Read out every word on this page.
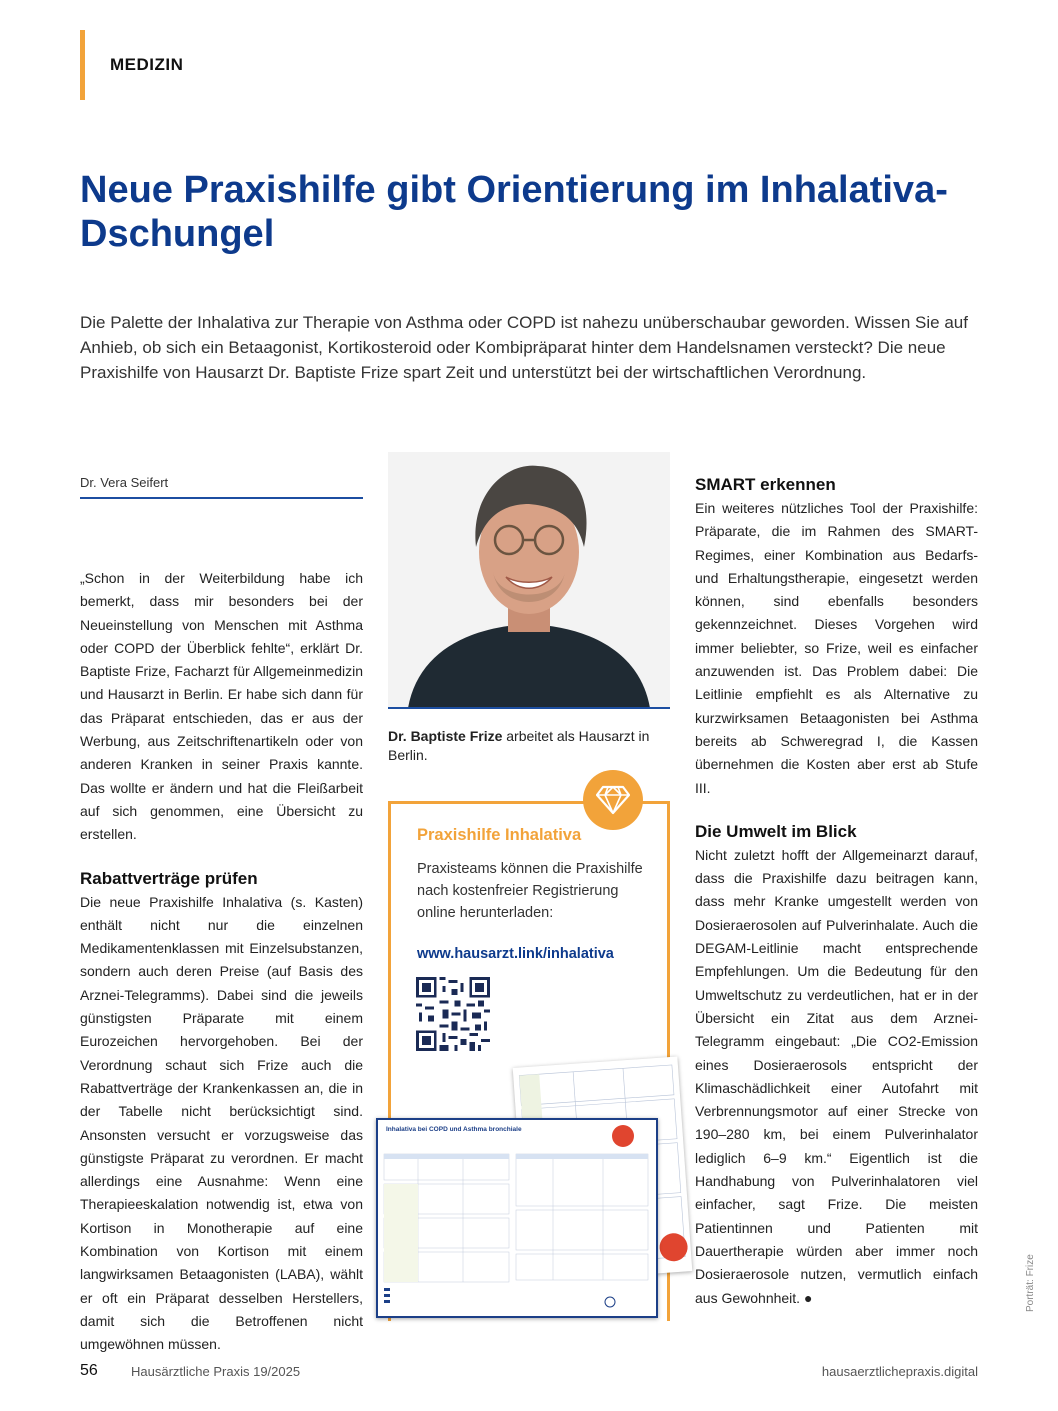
MEDIZIN
Neue Praxishilfe gibt Orientierung im Inhalativa-Dschungel

Die Palette der Inhalativa zur Therapie von Asthma oder COPD ist nahezu unüberschaubar geworden. Wissen Sie auf Anhieb, ob sich ein Betaagonist, Kortikosteroid oder Kombipräparat hinter dem Handelsnamen versteckt? Die neue Praxishilfe von Hausarzt Dr. Baptiste Frize spart Zeit und unterstützt bei der wirtschaftlichen Verordnung.

Dr. Vera Seifert

„Schon in der Weiterbildung habe ich bemerkt, dass mir besonders bei der Neueinstellung von Menschen mit Asthma oder COPD der Überblick fehlte“, erklärt Dr. Baptiste Frize, Facharzt für Allgemeinmedizin und Hausarzt in Berlin. Er habe sich dann für das Präparat entschieden, das er aus der Werbung, aus Zeitschriftenartikeln oder von anderen Kranken in seiner Praxis kannte. Das wollte er ändern und hat die Fleißarbeit auf sich genommen, eine Übersicht zu erstellen.

Rabattverträge prüfen

Die neue Praxishilfe Inhalativa (s. Kasten) enthält nicht nur die einzelnen Medikamentenklassen mit Einzelsubstanzen, sondern auch deren Preise (auf Basis des Arznei-Telegramms). Dabei sind die jeweils günstigsten Präparate mit einem Eurozeichen hervorgehoben. Bei der Verordnung schaut sich Frize auch die Rabattverträge der Krankenkassen an, die in der Tabelle nicht berücksichtigt sind. Ansonsten versucht er vorzugsweise das günstigste Präparat zu verordnen. Er macht allerdings eine Ausnahme: Wenn eine Therapieeskalation notwendig ist, etwa von Kortison in Monotherapie auf eine Kombination von Kortison mit einem langwirksamen Betaagonisten (LABA), wählt er oft ein Präparat desselben Herstellers, damit sich die Betroffenen nicht umgewöhnen müssen.

Dr. Baptiste Frize arbeitet als Hausarzt in Berlin.
Praxishilfe Inhalativa
Praxisteams können die Praxishilfe nach kostenfreier Registrierung online herunterladen:
www.hausarzt.link/inhalativa
Inhalativa bei COPD und Asthma bronchiale
SMART erkennen

Ein weiteres nützliches Tool der Praxishilfe: Präparate, die im Rahmen des SMART-Regimes, einer Kombination aus Bedarfs- und Erhaltungstherapie, eingesetzt werden können, sind ebenfalls besonders gekennzeichnet. Dieses Vorgehen wird immer beliebter, so Frize, weil es einfacher anzuwenden ist. Das Problem dabei: Die Leitlinie empfiehlt es als Alternative zu kurzwirksamen Betaagonisten bei Asthma bereits ab Schweregrad I, die Kassen übernehmen die Kosten aber erst ab Stufe III.

Die Umwelt im Blick

Nicht zuletzt hofft der Allgemeinarzt darauf, dass die Praxishilfe dazu beitragen kann, dass mehr Kranke umgestellt werden von Dosieraerosolen auf Pulverinhalate. Auch die DEGAM-Leitlinie macht entsprechende Empfehlungen. Um die Bedeutung für den Umweltschutz zu verdeutlichen, hat er in der Übersicht ein Zitat aus dem Arznei-Telegramm eingebaut: „Die CO2-Emission eines Dosieraerosols entspricht der Klimaschädlichkeit einer Autofahrt mit Verbrennungsmotor auf einer Strecke von 190–280 km, bei einem Pulverinhalator lediglich 6–9 km.“ Eigentlich ist die Handhabung von Pulverinhalatoren viel einfacher, sagt Frize. Die meisten Patientinnen und Patienten mit Dauertherapie würden aber immer noch Dosieraerosole nutzen, vermutlich einfach aus Gewohnheit. ●	Porträt: Frize
56	Hausärztliche Praxis 19/2025	hausaerztlichepraxis.digital
